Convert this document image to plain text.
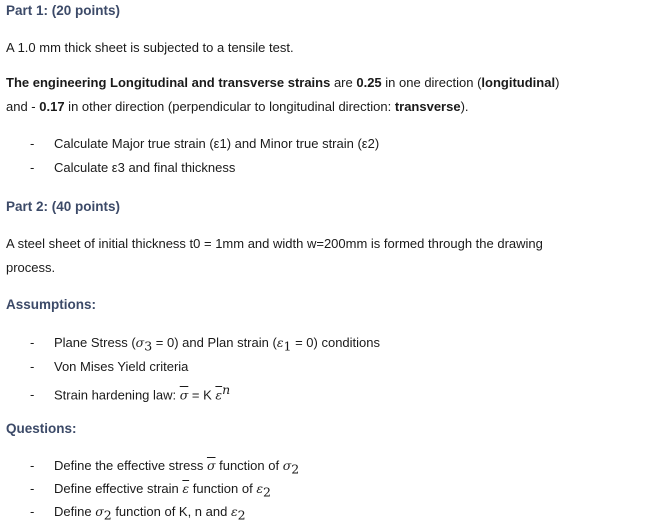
Part 1: (20 points)
A 1.0 mm thick sheet is subjected to a tensile test.
The engineering Longitudinal and transverse strains are 0.25 in one direction (longitudinal)
and - 0.17 in other direction (perpendicular to longitudinal direction: transverse).
- Calculate Major true strain (ε1) and Minor true strain (ε2)
- Calculate ε3 and final thickness
Part 2: (40 points)
A steel sheet of initial thickness t0 = 1mm and width w=200mm is formed through the drawing
process.
Assumptions:
- Plane Stress $(\sigma_3 = 0)$ and Plan strain $(\varepsilon_1 = 0)$ conditions
- Von Mises Yield criteria
- Strain hardening law: $\overline{\sigma} = K$ $\overline{\varepsilon}^n$
Questions:
- Define the effective stress $\overline{\sigma}$ function of $\sigma_2$
- Define effective strain $\overline{\varepsilon}$ function of $\varepsilon_2$
- Define $\sigma_2$ function of K, n and $\varepsilon_2$
